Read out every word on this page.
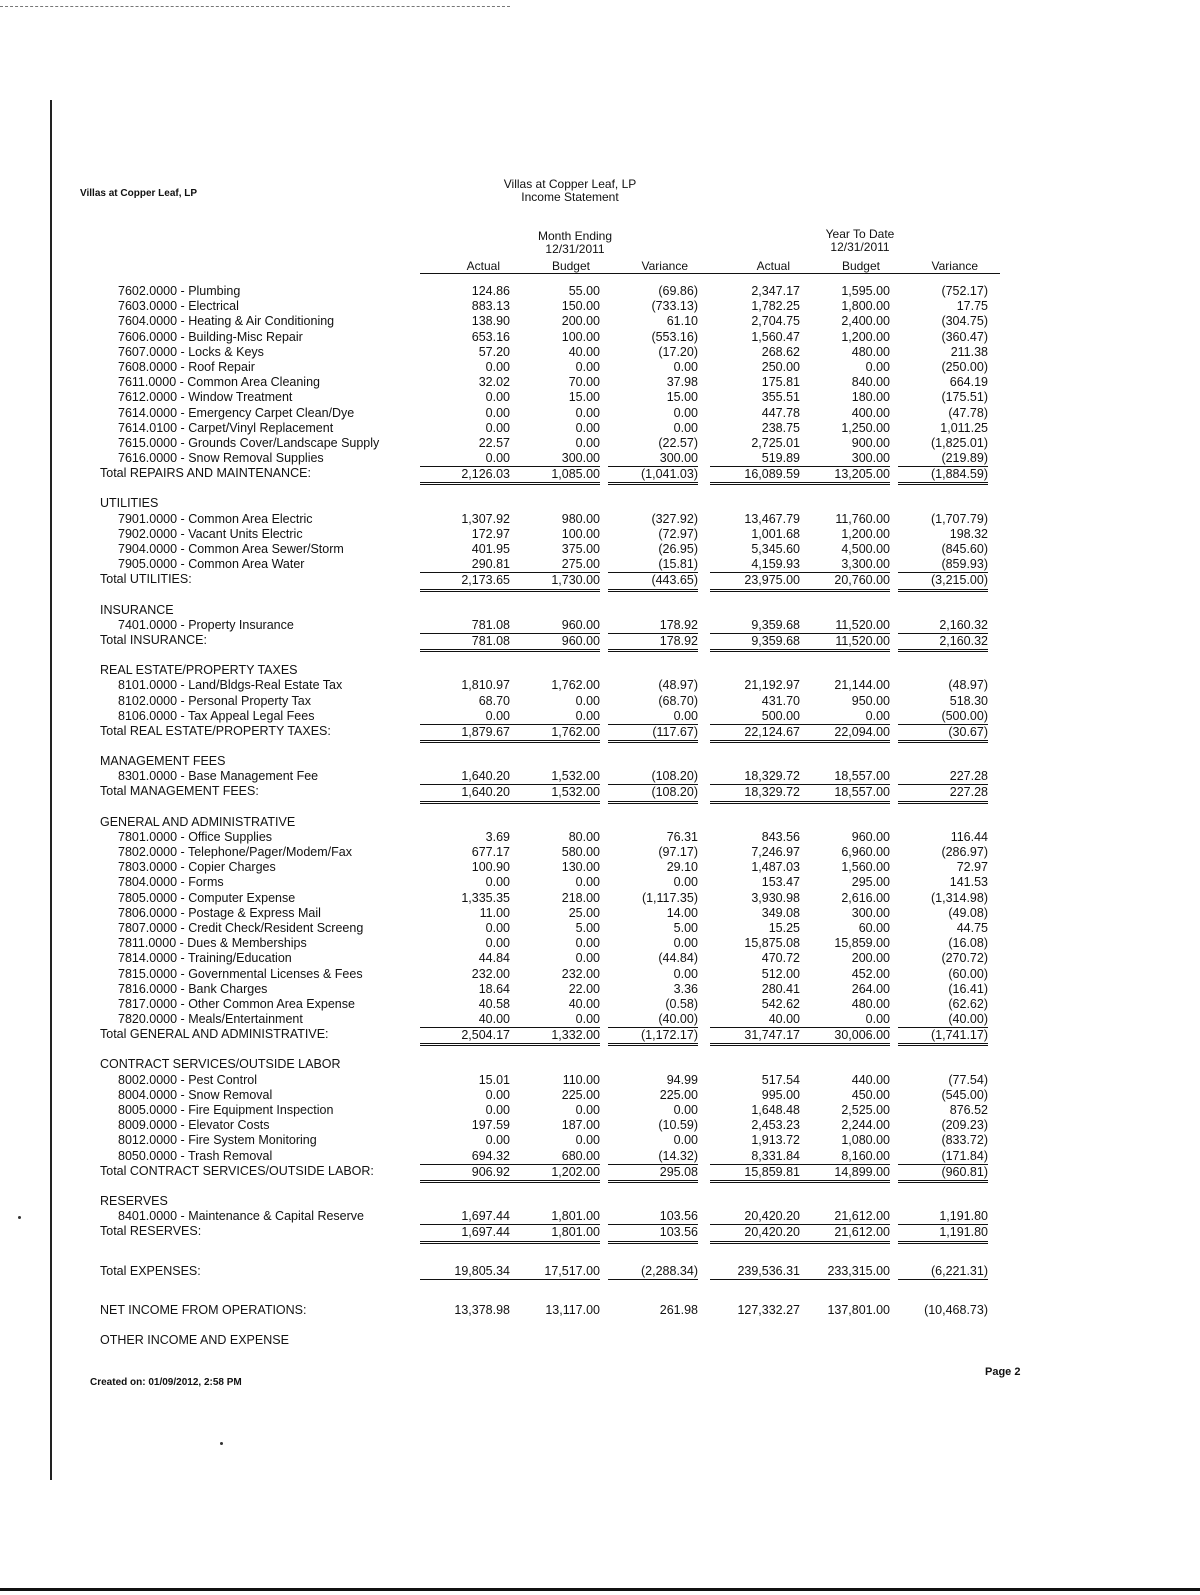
Villas at Copper Leaf, LP
Villas at Copper Leaf, LP
Income Statement
Month Ending
12/31/2011
Year To Date
12/31/2011
Actual	Budget	Variance	Actual	Budget	Variance
7602.0000 - Plumbing	124.86	55.00	(69.86)	2,347.17	1,595.00	(752.17)
7603.0000 - Electrical	883.13	150.00	(733.13)	1,782.25	1,800.00	17.75
7604.0000 - Heating & Air Conditioning	138.90	200.00	61.10	2,704.75	2,400.00	(304.75)
7606.0000 - Building-Misc Repair	653.16	100.00	(553.16)	1,560.47	1,200.00	(360.47)
7607.0000 - Locks & Keys	57.20	40.00	(17.20)	268.62	480.00	211.38
7608.0000 - Roof Repair	0.00	0.00	0.00	250.00	0.00	(250.00)
7611.0000 - Common Area Cleaning	32.02	70.00	37.98	175.81	840.00	664.19
7612.0000 - Window Treatment	0.00	15.00	15.00	355.51	180.00	(175.51)
7614.0000 - Emergency Carpet Clean/Dye	0.00	0.00	0.00	447.78	400.00	(47.78)
7614.0100 - Carpet/Vinyl Replacement	0.00	0.00	0.00	238.75	1,250.00	1,011.25
7615.0000 - Grounds Cover/Landscape Supply	22.57	0.00	(22.57)	2,725.01	900.00	(1,825.01)
7616.0000 - Snow Removal Supplies	0.00	300.00	300.00	519.89	300.00	(219.89)
Total REPAIRS AND MAINTENANCE:	2,126.03	1,085.00	(1,041.03)	16,089.59	13,205.00	(1,884.59)
UTILITIES
7901.0000 - Common Area Electric	1,307.92	980.00	(327.92)	13,467.79	11,760.00	(1,707.79)
7902.0000 - Vacant Units Electric	172.97	100.00	(72.97)	1,001.68	1,200.00	198.32
7904.0000 - Common Area Sewer/Storm	401.95	375.00	(26.95)	5,345.60	4,500.00	(845.60)
7905.0000 - Common Area Water	290.81	275.00	(15.81)	4,159.93	3,300.00	(859.93)
Total UTILITIES:	2,173.65	1,730.00	(443.65)	23,975.00	20,760.00	(3,215.00)
INSURANCE
7401.0000 - Property Insurance	781.08	960.00	178.92	9,359.68	11,520.00	2,160.32
Total INSURANCE:	781.08	960.00	178.92	9,359.68	11,520.00	2,160.32
REAL ESTATE/PROPERTY TAXES
8101.0000 - Land/Bldgs-Real Estate Tax	1,810.97	1,762.00	(48.97)	21,192.97	21,144.00	(48.97)
8102.0000 - Personal Property Tax	68.70	0.00	(68.70)	431.70	950.00	518.30
8106.0000 - Tax Appeal Legal Fees	0.00	0.00	0.00	500.00	0.00	(500.00)
Total REAL ESTATE/PROPERTY TAXES:	1,879.67	1,762.00	(117.67)	22,124.67	22,094.00	(30.67)
MANAGEMENT FEES
8301.0000 - Base Management Fee	1,640.20	1,532.00	(108.20)	18,329.72	18,557.00	227.28
Total MANAGEMENT FEES:	1,640.20	1,532.00	(108.20)	18,329.72	18,557.00	227.28
GENERAL AND ADMINISTRATIVE
7801.0000 - Office Supplies	3.69	80.00	76.31	843.56	960.00	116.44
7802.0000 - Telephone/Pager/Modem/Fax	677.17	580.00	(97.17)	7,246.97	6,960.00	(286.97)
7803.0000 - Copier Charges	100.90	130.00	29.10	1,487.03	1,560.00	72.97
7804.0000 - Forms	0.00	0.00	0.00	153.47	295.00	141.53
7805.0000 - Computer Expense	1,335.35	218.00	(1,117.35)	3,930.98	2,616.00	(1,314.98)
7806.0000 - Postage & Express Mail	11.00	25.00	14.00	349.08	300.00	(49.08)
7807.0000 - Credit Check/Resident Screeng	0.00	5.00	5.00	15.25	60.00	44.75
7811.0000 - Dues & Memberships	0.00	0.00	0.00	15,875.08	15,859.00	(16.08)
7814.0000 - Training/Education	44.84	0.00	(44.84)	470.72	200.00	(270.72)
7815.0000 - Governmental Licenses & Fees	232.00	232.00	0.00	512.00	452.00	(60.00)
7816.0000 - Bank Charges	18.64	22.00	3.36	280.41	264.00	(16.41)
7817.0000 - Other Common Area Expense	40.58	40.00	(0.58)	542.62	480.00	(62.62)
7820.0000 - Meals/Entertainment	40.00	0.00	(40.00)	40.00	0.00	(40.00)
Total GENERAL AND ADMINISTRATIVE:	2,504.17	1,332.00	(1,172.17)	31,747.17	30,006.00	(1,741.17)
CONTRACT SERVICES/OUTSIDE LABOR
8002.0000 - Pest Control	15.01	110.00	94.99	517.54	440.00	(77.54)
8004.0000 - Snow Removal	0.00	225.00	225.00	995.00	450.00	(545.00)
8005.0000 - Fire Equipment Inspection	0.00	0.00	0.00	1,648.48	2,525.00	876.52
8009.0000 - Elevator Costs	197.59	187.00	(10.59)	2,453.23	2,244.00	(209.23)
8012.0000 - Fire System Monitoring	0.00	0.00	0.00	1,913.72	1,080.00	(833.72)
8050.0000 - Trash Removal	694.32	680.00	(14.32)	8,331.84	8,160.00	(171.84)
Total CONTRACT SERVICES/OUTSIDE LABOR:	906.92	1,202.00	295.08	15,859.81	14,899.00	(960.81)
RESERVES
8401.0000 - Maintenance & Capital Reserve	1,697.44	1,801.00	103.56	20,420.20	21,612.00	1,191.80
Total RESERVES:	1,697.44	1,801.00	103.56	20,420.20	21,612.00	1,191.80
Total EXPENSES:	19,805.34	17,517.00	(2,288.34)	239,536.31	233,315.00	(6,221.31)
NET INCOME FROM OPERATIONS:	13,378.98	13,117.00	261.98	127,332.27	137,801.00	(10,468.73)
OTHER INCOME AND EXPENSE
Created on: 01/09/2012, 2:58 PM
Page 2
